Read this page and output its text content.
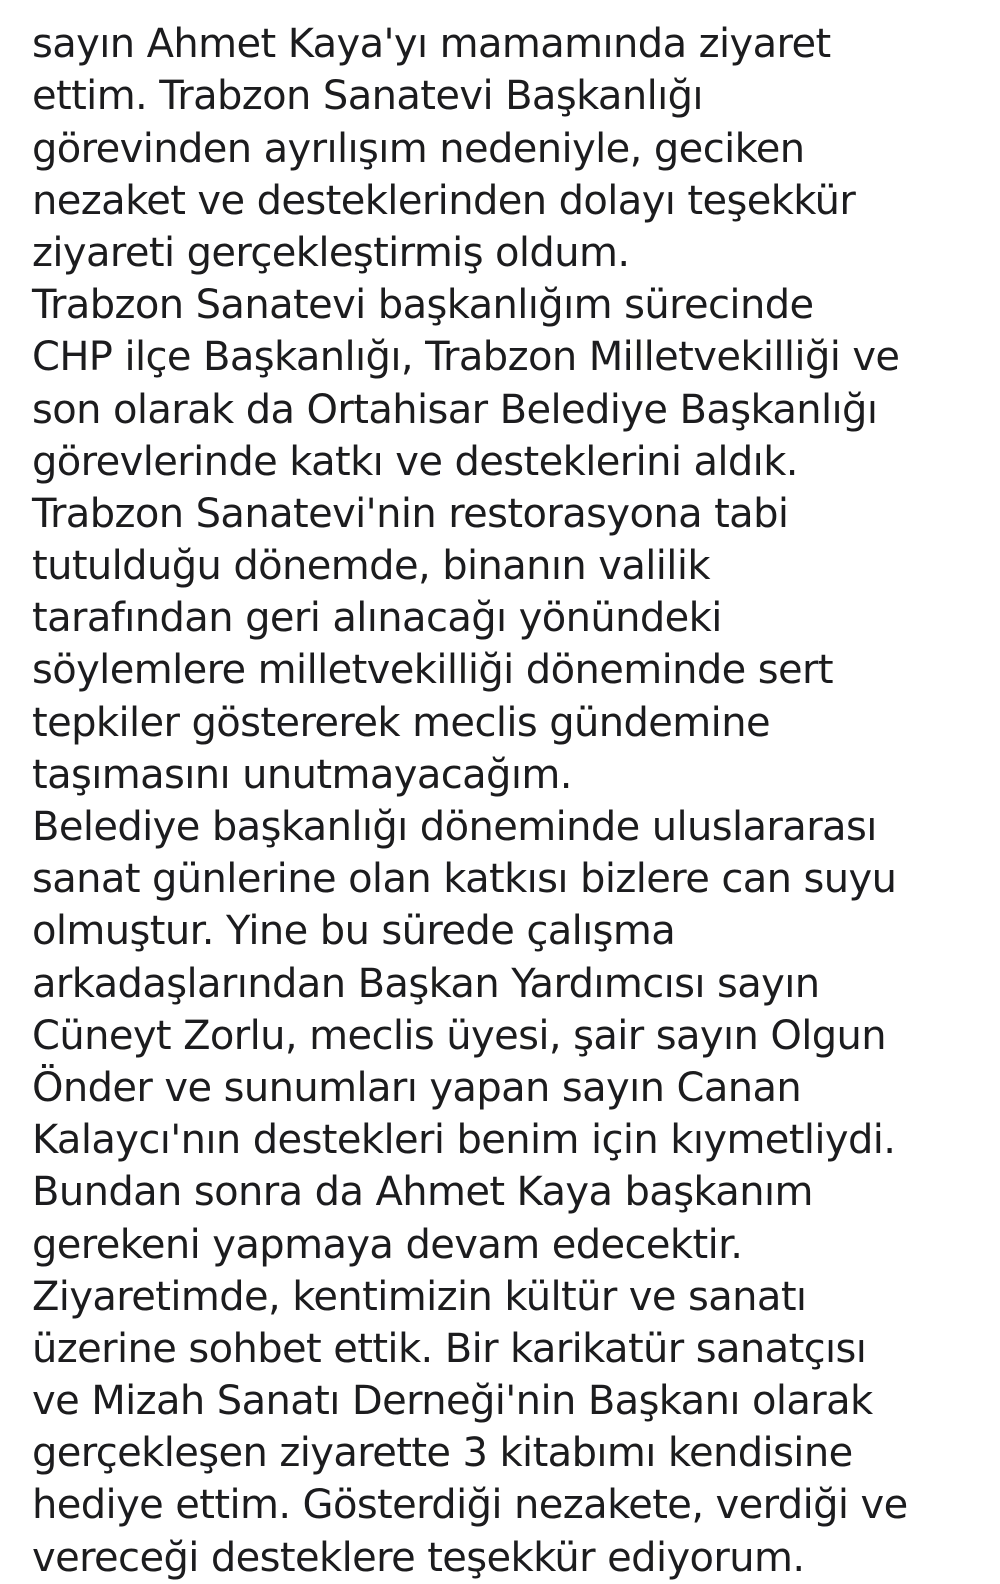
sayın Ahmet Kaya'yı mamamında ziyaret
ettim. Trabzon Sanatevi Başkanlığı
görevinden ayrılışım nedeniyle, geciken
nezaket ve desteklerinden dolayı teşekkür
ziyareti gerçekleştirmiş oldum.
Trabzon Sanatevi başkanlığım sürecinde
CHP ilçe Başkanlığı, Trabzon Milletvekilliği ve
son olarak da Ortahisar Belediye Başkanlığı
görevlerinde katkı ve desteklerini aldık.
Trabzon Sanatevi'nin restorasyona tabi
tutulduğu dönemde, binanın valilik
tarafından geri alınacağı yönündeki
söylemlere milletvekilliği döneminde sert
tepkiler göstererek meclis gündemine
taşımasını unutmayacağım.
Belediye başkanlığı döneminde uluslararası
sanat günlerine olan katkısı bizlere can suyu
olmuştur. Yine bu sürede çalışma
arkadaşlarından Başkan Yardımcısı sayın
Cüneyt Zorlu, meclis üyesi, şair sayın Olgun
Önder ve sunumları yapan sayın Canan
Kalaycı'nın destekleri benim için kıymetliydi.
Bundan sonra da Ahmet Kaya başkanım
gerekeni yapmaya devam edecektir.
Ziyaretimde, kentimizin kültür ve sanatı
üzerine sohbet ettik. Bir karikatür sanatçısı
ve Mizah Sanatı Derneği'nin Başkanı olarak
gerçekleşen ziyarette 3 kitabımı kendisine
hediye ettim. Gösterdiği nezakete, verdiği ve
vereceği desteklere teşekkür ediyorum.
